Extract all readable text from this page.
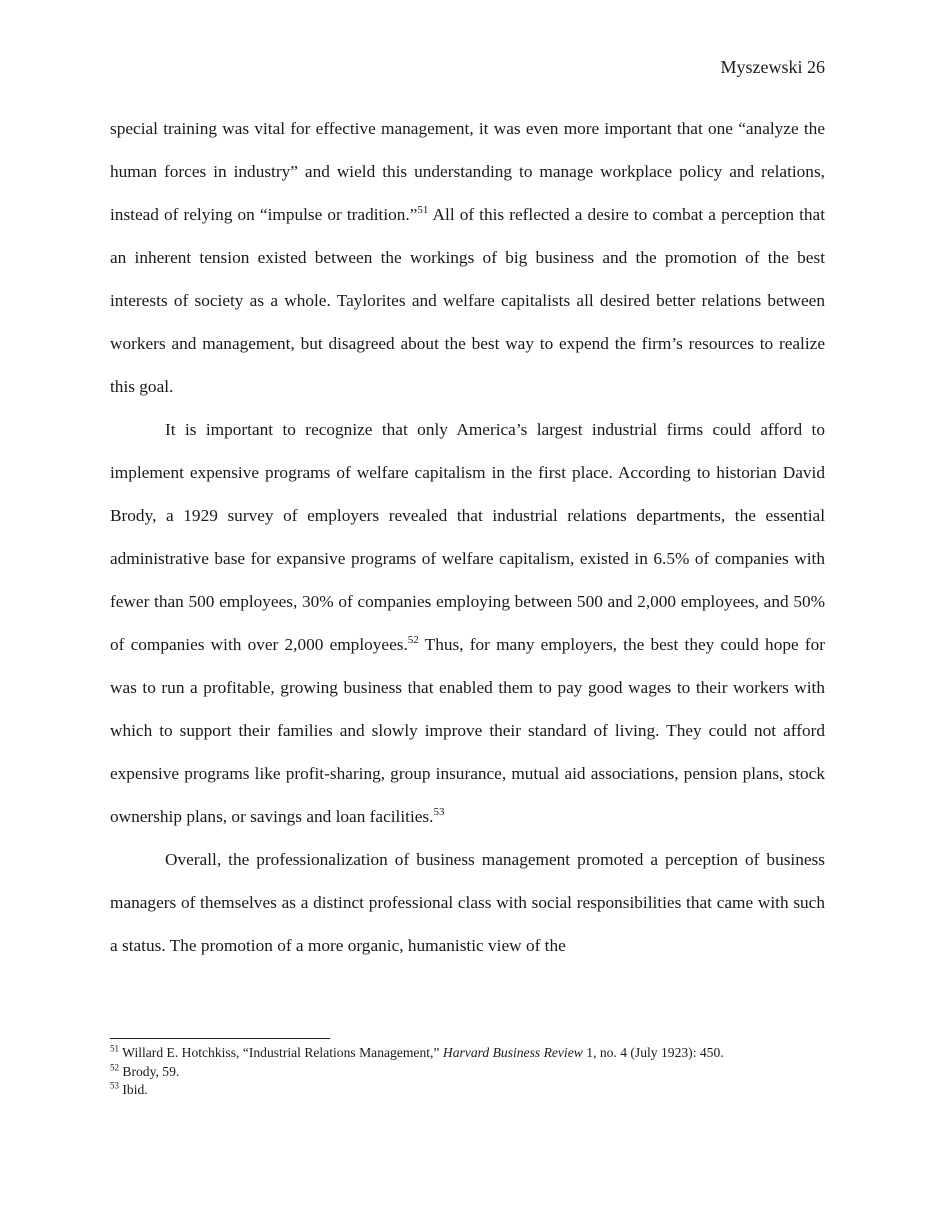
Myszewski 26

special training was vital for effective management, it was even more important that one “analyze the human forces in industry” and wield this understanding to manage workplace policy and relations, instead of relying on “impulse or tradition.”$^{51}$ All of this reflected a desire to combat a perception that an inherent tension existed between the workings of big business and the promotion of the best interests of society as a whole. Taylorites and welfare capitalists all desired better relations between workers and management, but disagreed about the best way to expend the firm’s resources to realize this goal.

It is important to recognize that only America’s largest industrial firms could afford to implement expensive programs of welfare capitalism in the first place. According to historian David Brody, a 1929 survey of employers revealed that industrial relations departments, the essential administrative base for expansive programs of welfare capitalism, existed in 6.5% of companies with fewer than 500 employees, 30% of companies employing between 500 and 2,000 employees, and 50% of companies with over 2,000 employees.$^{52}$ Thus, for many employers, the best they could hope for was to run a profitable, growing business that enabled them to pay good wages to their workers with which to support their families and slowly improve their standard of living. They could not afford expensive programs like profit-sharing, group insurance, mutual aid associations, pension plans, stock ownership plans, or savings and loan facilities.$^{53}$

Overall, the professionalization of business management promoted a perception of business managers of themselves as a distinct professional class with social responsibilities that came with such a status. The promotion of a more organic, humanistic view of the

$^{51}$ Willard E. Hotchkiss, “Industrial Relations Management,” Harvard Business Review 1, no. 4 (July 1923): 450.

$^{52}$ Brody, 59.

$^{53}$ Ibid.
